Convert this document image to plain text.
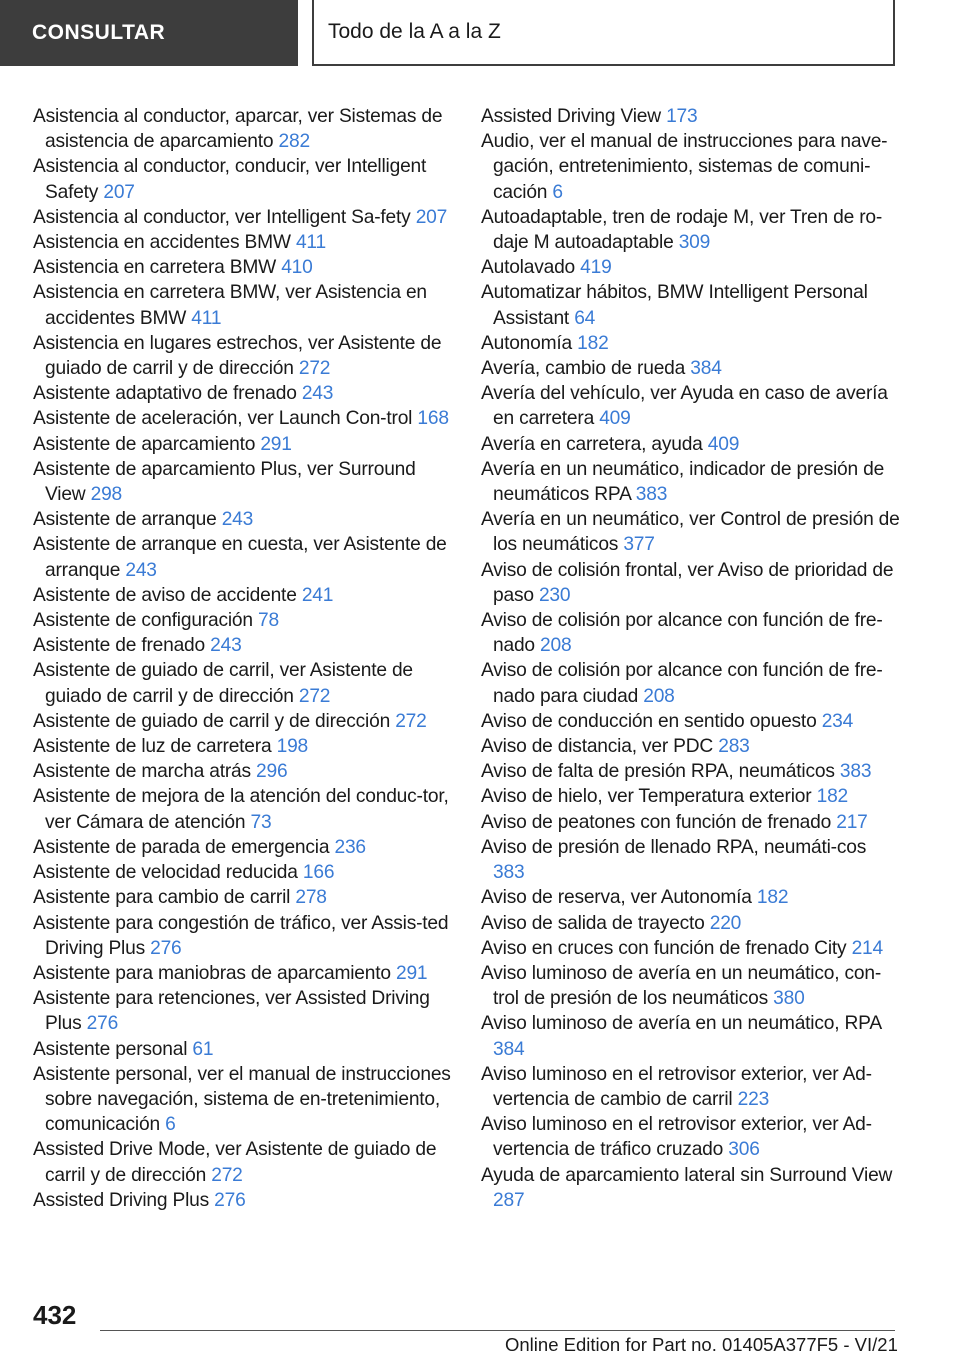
CONSULTAR	Todo de la A a la Z
Asistencia al conductor, aparcar, ver Sistemas de asistencia de aparcamiento 282
Asistencia al conductor, conducir, ver Intelligent Safety 207
Asistencia al conductor, ver Intelligent Sa-fety 207
Asistencia en accidentes BMW 411
Asistencia en carretera BMW 410
Asistencia en carretera BMW, ver Asistencia en accidentes BMW 411
Asistencia en lugares estrechos, ver Asistente de guiado de carril y de dirección 272
Asistente adaptativo de frenado 243
Asistente de aceleración, ver Launch Con-trol 168
Asistente de aparcamiento 291
Asistente de aparcamiento Plus, ver Surround View 298
Asistente de arranque 243
Asistente de arranque en cuesta, ver Asistente de arranque 243
Asistente de aviso de accidente 241
Asistente de configuración 78
Asistente de frenado 243
Asistente de guiado de carril, ver Asistente de guiado de carril y de dirección 272
Asistente de guiado de carril y de dirección 272
Asistente de luz de carretera 198
Asistente de marcha atrás 296
Asistente de mejora de la atención del conduc-tor, ver Cámara de atención 73
Asistente de parada de emergencia 236
Asistente de velocidad reducida 166
Asistente para cambio de carril 278
Asistente para congestión de tráfico, ver Assis-ted Driving Plus 276
Asistente para maniobras de aparcamiento 291
Asistente para retenciones, ver Assisted Driving Plus 276
Asistente personal 61
Asistente personal, ver el manual de instrucciones sobre navegación, sistema de en-tretenimiento, comunicación 6
Assisted Drive Mode, ver Asistente de guiado de carril y de dirección 272
Assisted Driving Plus 276
Assisted Driving View 173
Audio, ver el manual de instrucciones para nave-gación, entretenimiento, sistemas de comuni-cación 6
Autoadaptable, tren de rodaje M, ver Tren de ro-daje M autoadaptable 309
Autolavado 419
Automatizar hábitos, BMW Intelligent Personal Assistant 64
Autonomía 182
Avería, cambio de rueda 384
Avería del vehículo, ver Ayuda en caso de avería en carretera 409
Avería en carretera, ayuda 409
Avería en un neumático, indicador de presión de neumáticos RPA 383
Avería en un neumático, ver Control de presión de los neumáticos 377
Aviso de colisión frontal, ver Aviso de prioridad de paso 230
Aviso de colisión por alcance con función de fre-nado 208
Aviso de colisión por alcance con función de fre-nado para ciudad 208
Aviso de conducción en sentido opuesto 234
Aviso de distancia, ver PDC 283
Aviso de falta de presión RPA, neumáticos 383
Aviso de hielo, ver Temperatura exterior 182
Aviso de peatones con función de frenado 217
Aviso de presión de llenado RPA, neumáti-cos 383
Aviso de reserva, ver Autonomía 182
Aviso de salida de trayecto 220
Aviso en cruces con función de frenado City 214
Aviso luminoso de avería en un neumático, con-trol de presión de los neumáticos 380
Aviso luminoso de avería en un neumático, RPA 384
Aviso luminoso en el retrovisor exterior, ver Ad-vertencia de cambio de carril 223
Aviso luminoso en el retrovisor exterior, ver Ad-vertencia de tráfico cruzado 306
Ayuda de aparcamiento lateral sin Surround View 287
432
Online Edition for Part no. 01405A377F5 - VI/21
